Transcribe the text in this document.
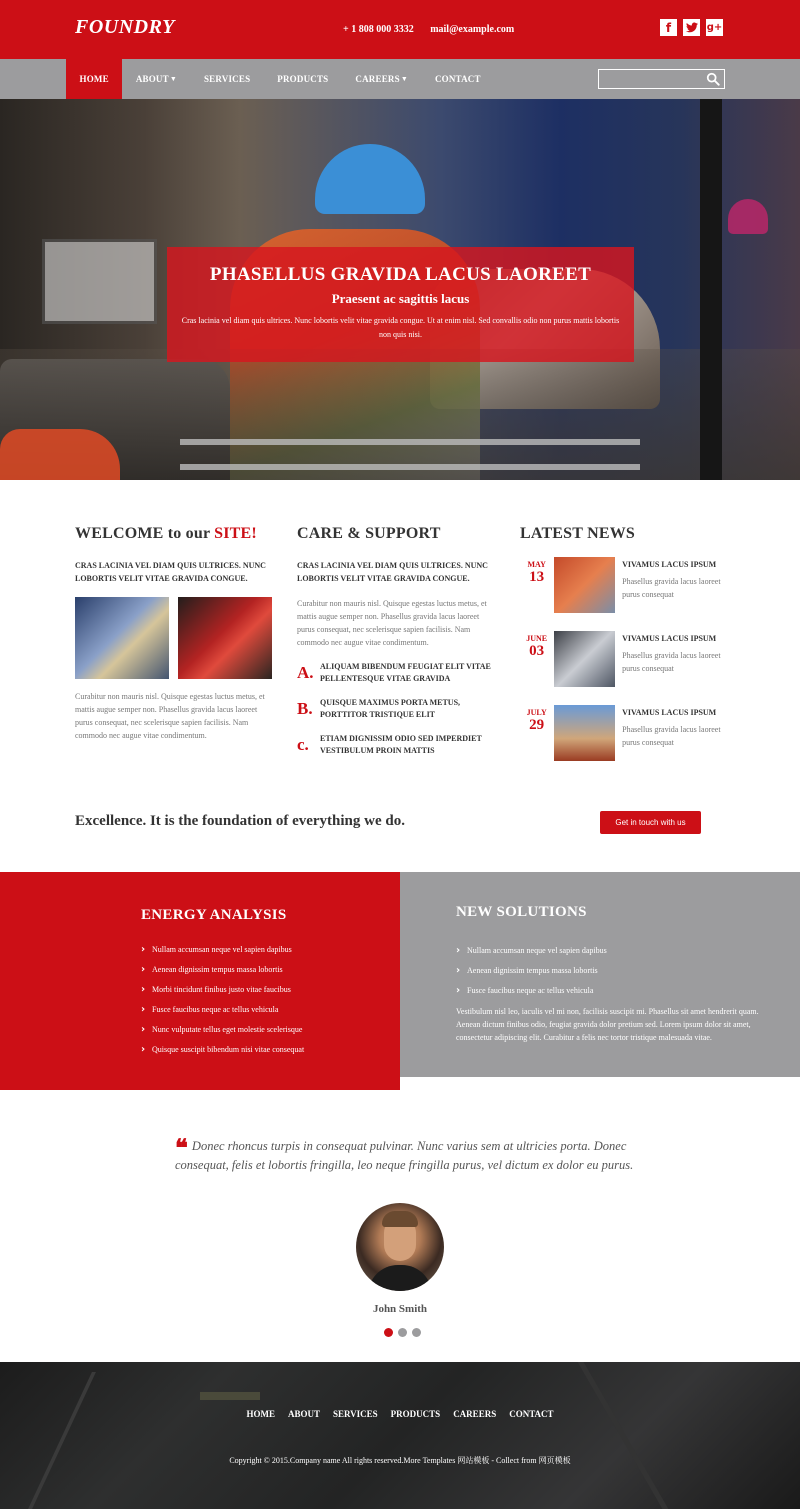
FOUNDRY	+ 1 808 000 3332 mail@example.com	f	g+
HOME	ABOUT ▼	SERVICES	PRODUCTS	CAREERS ▼	CONTACT
PHASELLUS GRAVIDA LACUS LAOREET
Praesent ac sagittis lacus
Cras lacinia vel diam quis ultrices. Nunc lobortis velit vitae gravida congue. Ut at enim nisl. Sed convallis odio non purus mattis lobortis non quis nisi.
WELCOME to our SITE!
CRAS LACINIA VEL DIAM QUIS ULTRICES. NUNC LOBORTIS VELIT VITAE GRAVIDA CONGUE.

Curabitur non mauris nisl. Quisque egestas luctus metus, et mattis augue semper non. Phasellus gravida lacus laoreet purus consequat, nec scelerisque sapien facilisis. Nam commodo nec augue vitae condimentum.

CARE & SUPPORT
CRAS LACINIA VEL DIAM QUIS ULTRICES. NUNC LOBORTIS VELIT VITAE GRAVIDA CONGUE.

Curabitur non mauris nisl. Quisque egestas luctus metus, et mattis augue semper non. Phasellus gravida lacus laoreet purus consequat, nec scelerisque sapien facilisis. Nam commodo nec augue vitae condimentum.

A. ALIQUAM BIBENDUM FEUGIAT ELIT VITAE PELLENTESQUE VITAE GRAVIDA
B. QUISQUE MAXIMUS PORTA METUS, PORTTITOR TRISTIQUE ELIT
c.	ETIAM DIGNISSIM ODIO SED IMPERDIET VESTIBULUM PROIN MATTIS
LATEST NEWS
MAY
13
VIVAMUS LACUS IPSUM
Phasellus gravida lacus laoreet purus consequat
JUNE
03
VIVAMUS LACUS IPSUM
Phasellus gravida lacus laoreet purus consequat
JULY
29
VIVAMUS LACUS IPSUM
Phasellus gravida lacus laoreet purus consequat
Excellence. It is the foundation of everything we do.	Get in touch with us
ENERGY ANALYSIS
› Nullam accumsan neque vel sapien dapibus
› Aenean dignissim tempus massa lobortis
› Morbi tincidunt finibus justo vitae faucibus
› Fusce faucibus neque ac tellus vehicula
› Nunc vulputate tellus eget molestie scelerisque
› Quisque suscipit bibendum nisi vitae consequat
NEW SOLUTIONS
› Nullam accumsan neque vel sapien dapibus
› Aenean dignissim tempus massa lobortis
› Fusce faucibus neque ac tellus vehicula
Vestibulum nisl leo, iaculis vel mi non, facilisis suscipit mi. Phasellus sit amet hendrerit quam. Aenean dictum finibus odio, feugiat gravida dolor pretium sed. Lorem ipsum dolor sit amet, consectetur adipiscing elit. Curabitur a felis nec tortor tristique malesuada vitae.
❝ Donec rhoncus turpis in consequat pulvinar. Nunc varius sem at ultricies porta. Donec consequat, felis et lobortis fringilla, leo neque fringilla purus, vel dictum ex dolor eu purus.
John Smith
HOME ABOUT SERVICES PRODUCTS CAREERS CONTACT
Copyright © 2015.Company name All rights reserved.More Templates 网站模板 - Collect from 网页模板
